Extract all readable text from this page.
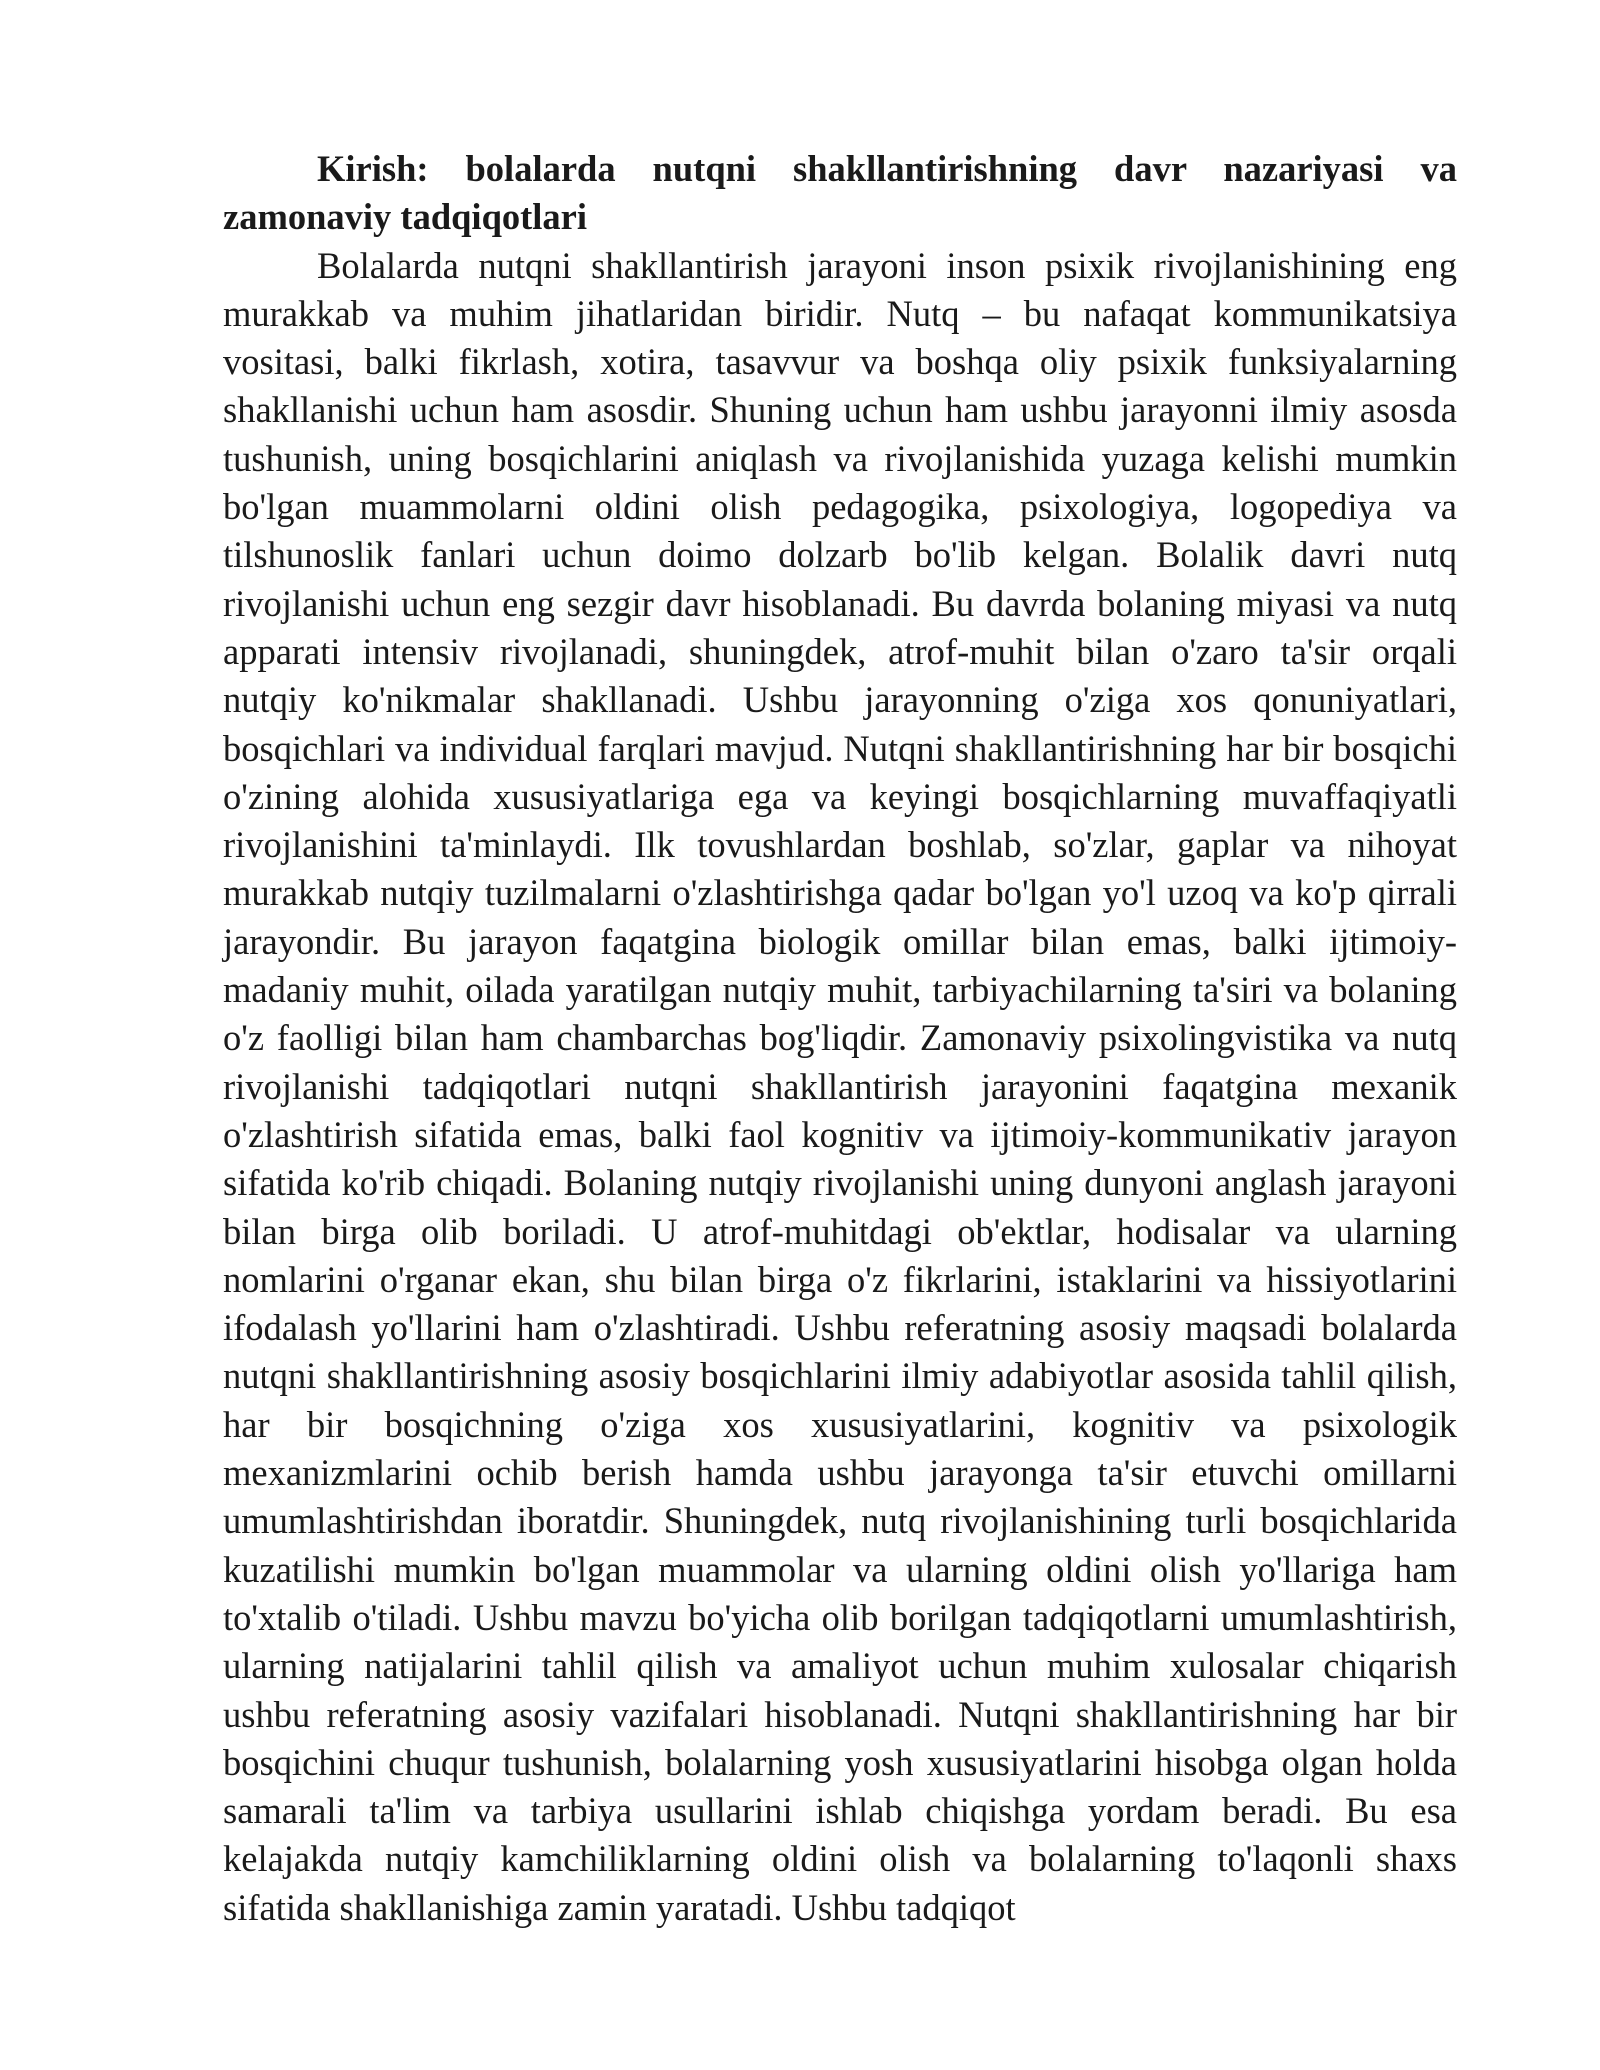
Kirish: bolalarda nutqni shakllantirishning davr nazariyasi va zamonaviy tadqiqotlari

Bolalarda nutqni shakllantirish jarayoni inson psixik rivojlanishining eng murakkab va muhim jihatlaridan biridir. Nutq – bu nafaqat kommunikatsiya vositasi, balki fikrlash, xotira, tasavvur va boshqa oliy psixik funksiyalarning shakllanishi uchun ham asosdir. Shuning uchun ham ushbu jarayonni ilmiy asosda tushunish, uning bosqichlarini aniqlash va rivojlanishida yuzaga kelishi mumkin bo'lgan muammolarni oldini olish pedagogika, psixologiya, logopediya va tilshunoslik fanlari uchun doimo dolzarb bo'lib kelgan. Bolalik davri nutq rivojlanishi uchun eng sezgir davr hisoblanadi. Bu davrda bolaning miyasi va nutq apparati intensiv rivojlanadi, shuningdek, atrof-muhit bilan o'zaro ta'sir orqali nutqiy ko'nikmalar shakllanadi. Ushbu jarayonning o'ziga xos qonuniyatlari, bosqichlari va individual farqlari mavjud. Nutqni shakllantirishning har bir bosqichi o'zining alohida xususiyatlariga ega va keyingi bosqichlarning muvaffaqiyatli rivojlanishini ta'minlaydi. Ilk tovushlardan boshlab, so'zlar, gaplar va nihoyat murakkab nutqiy tuzilmalarni o'zlashtirishga qadar bo'lgan yo'l uzoq va ko'p qirrali jarayondir. Bu jarayon faqatgina biologik omillar bilan emas, balki ijtimoiy-madaniy muhit, oilada yaratilgan nutqiy muhit, tarbiyachilarning ta'siri va bolaning o'z faolligi bilan ham chambarchas bog'liqdir. Zamonaviy psixolingvistika va nutq rivojlanishi tadqiqotlari nutqni shakllantirish jarayonini faqatgina mexanik o'zlashtirish sifatida emas, balki faol kognitiv va ijtimoiy-kommunikativ jarayon sifatida ko'rib chiqadi. Bolaning nutqiy rivojlanishi uning dunyoni anglash jarayoni bilan birga olib boriladi. U atrof-muhitdagi ob'ektlar, hodisalar va ularning nomlarini o'rganar ekan, shu bilan birga o'z fikrlarini, istaklarini va hissiyotlarini ifodalash yo'llarini ham o'zlashtiradi. Ushbu referatning asosiy maqsadi bolalarda nutqni shakllantirishning asosiy bosqichlarini ilmiy adabiyotlar asosida tahlil qilish, har bir bosqichning o'ziga xos xususiyatlarini, kognitiv va psixologik mexanizmlarini ochib berish hamda ushbu jarayonga ta'sir etuvchi omillarni umumlashtirishdan iboratdir. Shuningdek, nutq rivojlanishining turli bosqichlarida kuzatilishi mumkin bo'lgan muammolar va ularning oldini olish yo'llariga ham to'xtalib o'tiladi. Ushbu mavzu bo'yicha olib borilgan tadqiqotlarni umumlashtirish, ularning natijalarini tahlil qilish va amaliyot uchun muhim xulosalar chiqarish ushbu referatning asosiy vazifalari hisoblanadi. Nutqni shakllantirishning har bir bosqichini chuqur tushunish, bolalarning yosh xususiyatlarini hisobga olgan holda samarali ta'lim va tarbiya usullarini ishlab chiqishga yordam beradi. Bu esa kelajakda nutqiy kamchiliklarning oldini olish va bolalarning to'laqonli shaxs sifatida shakllanishiga zamin yaratadi. Ushbu tadqiqot
